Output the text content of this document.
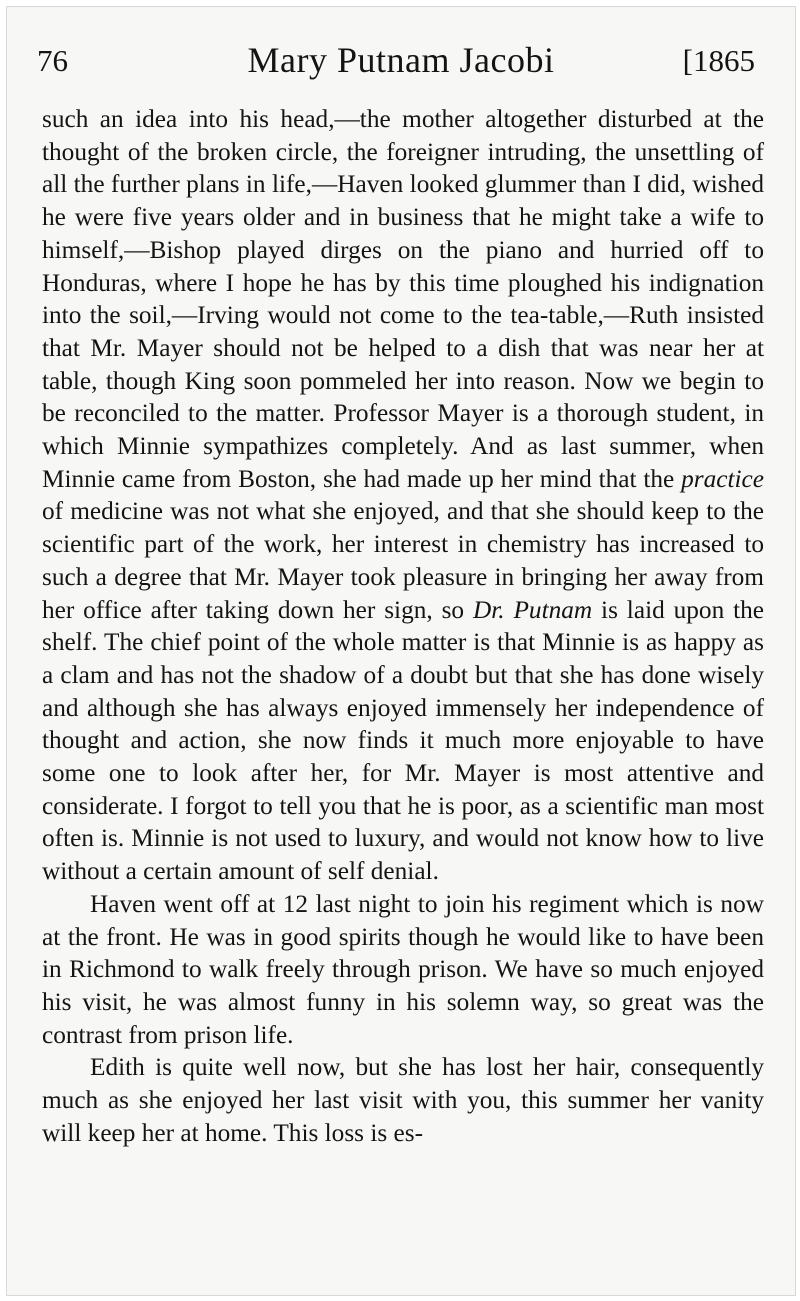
76	Mary Putnam Jacobi	[1865

such an idea into his head,—the mother altogether disturbed at the thought of the broken circle, the foreigner intruding, the unsettling of all the further plans in life,—Haven looked glummer than I did, wished he were five years older and in business that he might take a wife to himself,—Bishop played dirges on the piano and hurried off to Honduras, where I hope he has by this time ploughed his indignation into the soil,—Irving would not come to the tea-table,—Ruth insisted that Mr. Mayer should not be helped to a dish that was near her at table, though King soon pommeled her into reason. Now we begin to be reconciled to the matter. Professor Mayer is a thorough student, in which Minnie sympathizes completely. And as last summer, when Minnie came from Boston, she had made up her mind that the practice of medicine was not what she enjoyed, and that she should keep to the scientific part of the work, her interest in chemistry has increased to such a degree that Mr. Mayer took pleasure in bringing her away from her office after taking down her sign, so Dr. Putnam is laid upon the shelf. The chief point of the whole matter is that Minnie is as happy as a clam and has not the shadow of a doubt but that she has done wisely and although she has always enjoyed immensely her independence of thought and action, she now finds it much more enjoyable to have some one to look after her, for Mr. Mayer is most attentive and considerate. I forgot to tell you that he is poor, as a scientific man most often is. Minnie is not used to luxury, and would not know how to live without a certain amount of self denial.

Haven went off at 12 last night to join his regiment which is now at the front. He was in good spirits though he would like to have been in Richmond to walk freely through prison. We have so much enjoyed his visit, he was almost funny in his solemn way, so great was the contrast from prison life.

Edith is quite well now, but she has lost her hair, consequently much as she enjoyed her last visit with you, this summer her vanity will keep her at home. This loss is es-
